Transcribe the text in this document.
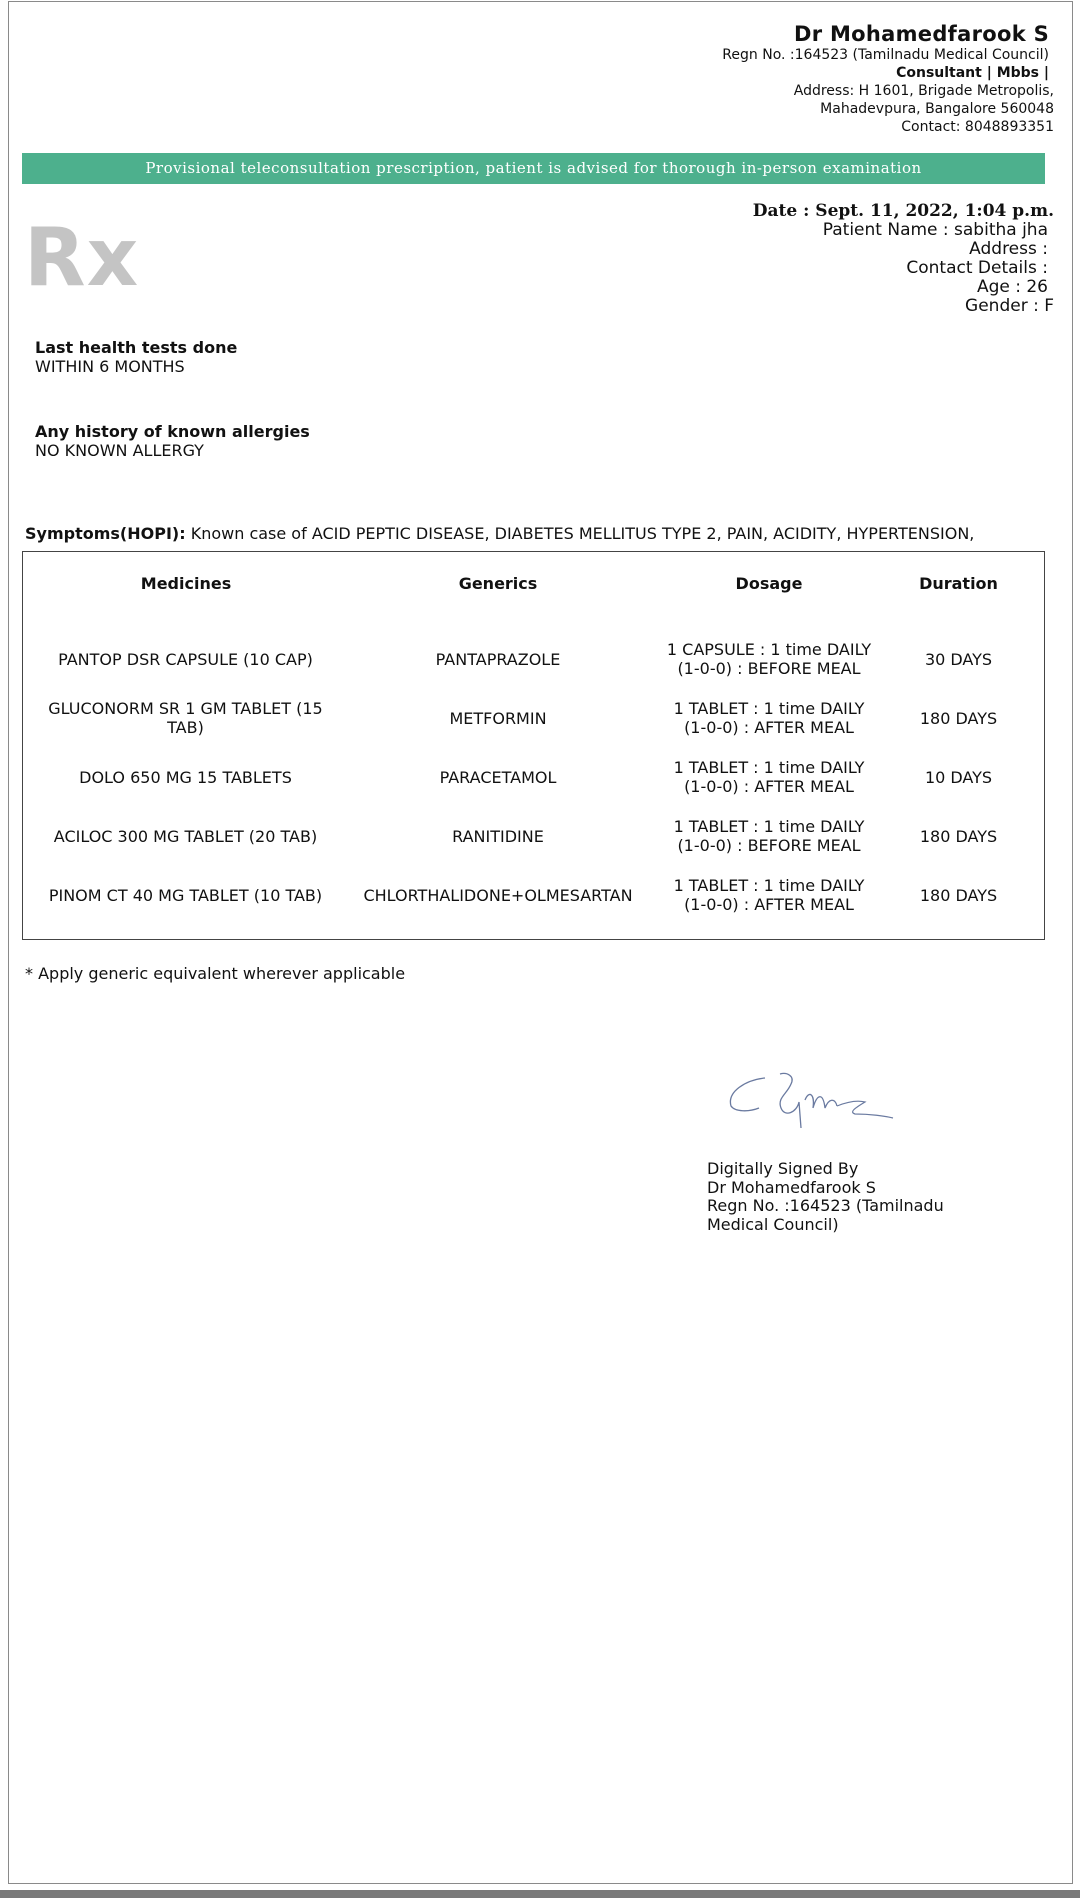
Dr Mohamedfarook S
Regn No. :164523 (Tamilnadu Medical Council)
Consultant | Mbbs |
Address: H 1601, Brigade Metropolis,
Mahadevpura, Bangalore 560048
Contact: 8048893351
Provisional teleconsultation prescription, patient is advised for thorough in-person examination
Rx	Date : Sept. 11, 2022, 1:04 p.m.
Patient Name : sabitha jha
Address :
Contact Details :
Age : 26
Gender : F
Last health tests done
WITHIN 6 MONTHS
Any history of known allergies
NO KNOWN ALLERGY
Symptoms(HOPI): Known case of ACID PEPTIC DISEASE, DIABETES MELLITUS TYPE 2, PAIN, ACIDITY, HYPERTENSION,
Medicines	Generics	Dosage	Duration
PANTOP DSR CAPSULE (10 CAP)	PANTAPRAZOLE	1 CAPSULE : 1 time DAILY
(1-0-0) : BEFORE MEAL	30 DAYS
GLUCONORM SR 1 GM TABLET (15 TAB)	METFORMIN	1 TABLET : 1 time DAILY
(1-0-0) : AFTER MEAL	180 DAYS
DOLO 650 MG 15 TABLETS	PARACETAMOL	1 TABLET : 1 time DAILY
(1-0-0) : AFTER MEAL	10 DAYS
ACILOC 300 MG TABLET (20 TAB)	RANITIDINE	1 TABLET : 1 time DAILY
(1-0-0) : BEFORE MEAL	180 DAYS
PINOM CT 40 MG TABLET (10 TAB)	CHLORTHALIDONE+OLMESARTAN	1 TABLET : 1 time DAILY
(1-0-0) : AFTER MEAL	180 DAYS
* Apply generic equivalent wherever applicable
Digitally Signed By
Dr Mohamedfarook S
Regn No. :164523 (Tamilnadu
Medical Council)
